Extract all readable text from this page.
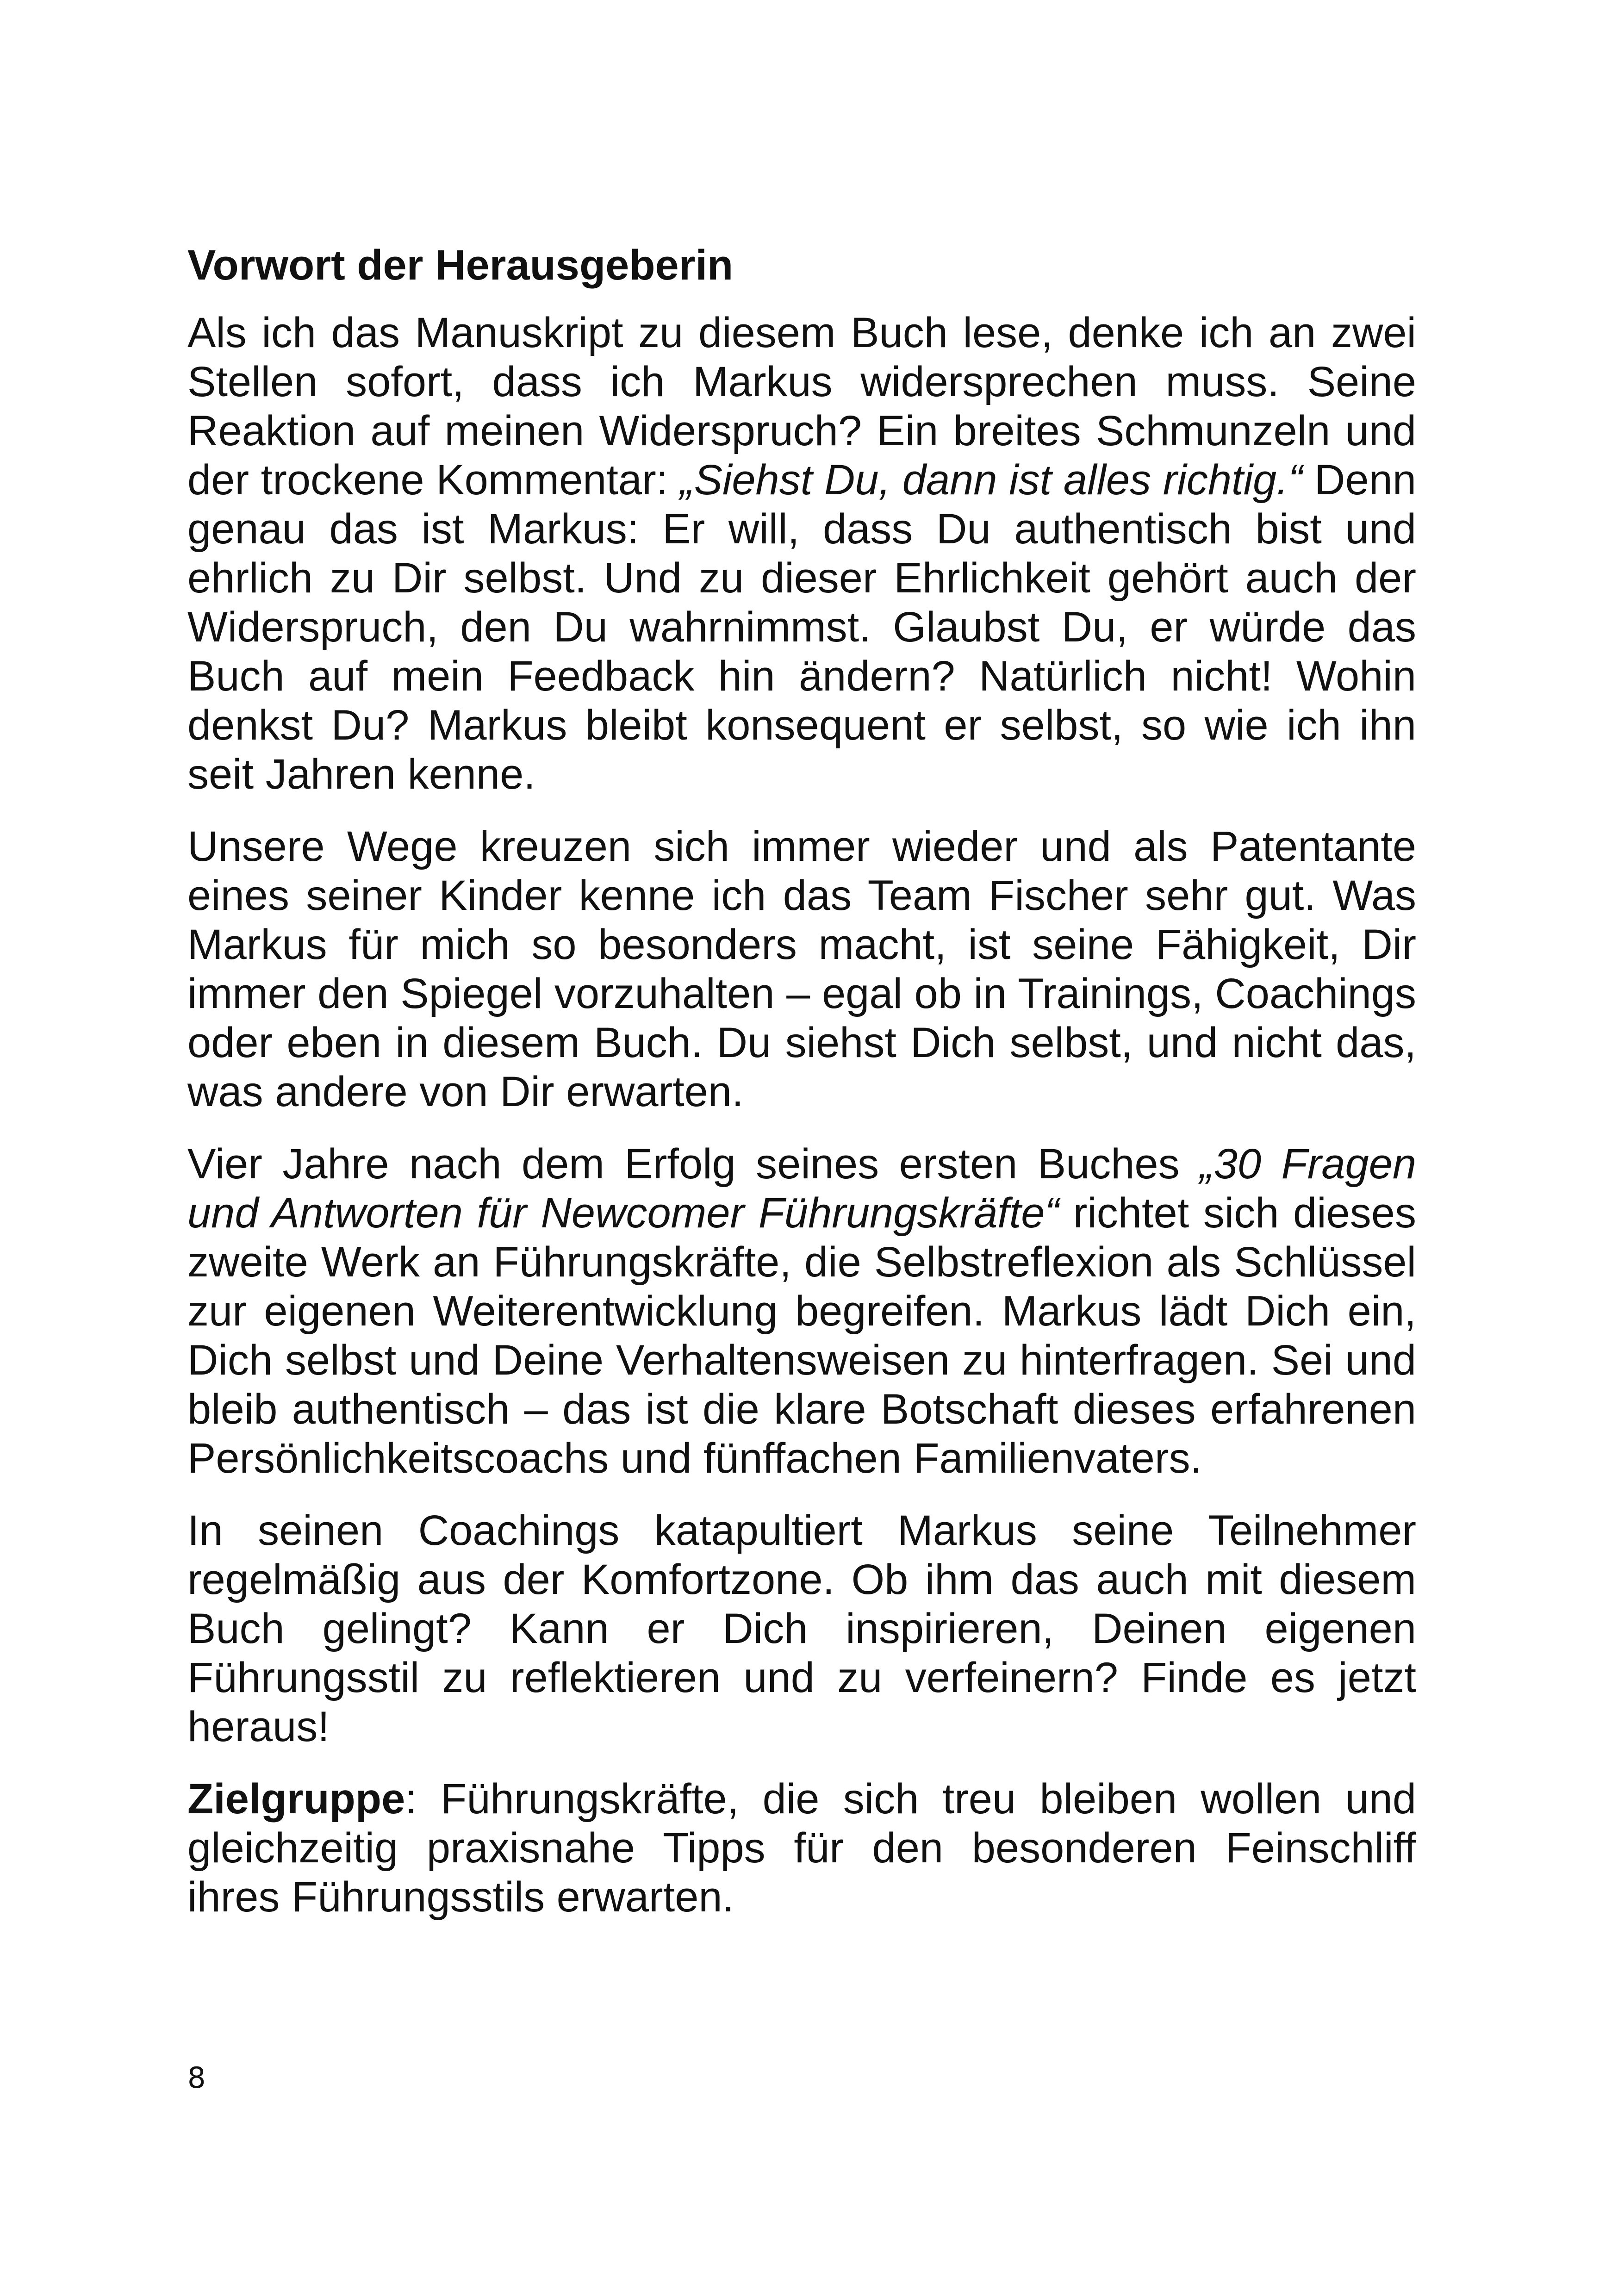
Vorwort der Herausgeberin

Als ich das Manuskript zu diesem Buch lese, denke ich an zwei Stellen sofort, dass ich Markus widersprechen muss. Seine Reaktion auf meinen Widerspruch? Ein breites Schmunzeln und der trockene Kommentar: „Siehst Du, dann ist alles richtig.“ Denn genau das ist Markus: Er will, dass Du authentisch bist und ehrlich zu Dir selbst. Und zu dieser Ehrlichkeit gehört auch der Widerspruch, den Du wahrnimmst. Glaubst Du, er würde das Buch auf mein Feedback hin ändern? Natürlich nicht! Wohin denkst Du? Markus bleibt konsequent er selbst, so wie ich ihn seit Jahren kenne.

Unsere Wege kreuzen sich immer wieder und als Patentante eines seiner Kinder kenne ich das Team Fischer sehr gut. Was Markus für mich so besonders macht, ist seine Fähigkeit, Dir immer den Spiegel vorzuhalten – egal ob in Trainings, Coachings oder eben in diesem Buch. Du siehst Dich selbst, und nicht das, was andere von Dir erwarten.

Vier Jahre nach dem Erfolg seines ersten Buches „30 Fragen und Antworten für Newcomer Führungskräfte“ richtet sich dieses zweite Werk an Führungskräfte, die Selbstreflexion als Schlüssel zur eigenen Weiterentwicklung begreifen. Markus lädt Dich ein, Dich selbst und Deine Verhaltensweisen zu hinterfragen. Sei und bleib authentisch – das ist die klare Botschaft dieses erfahrenen Persönlichkeitscoachs und fünffachen Familienvaters.

In seinen Coachings katapultiert Markus seine Teilnehmer regelmäßig aus der Komfortzone. Ob ihm das auch mit diesem Buch gelingt? Kann er Dich inspirieren, Deinen eigenen Führungsstil zu reflektieren und zu verfeinern? Finde es jetzt heraus!

Zielgruppe: Führungskräfte, die sich treu bleiben wollen und gleichzeitig praxisnahe Tipps für den besonderen Feinschliff ihres Führungsstils erwarten.

8
